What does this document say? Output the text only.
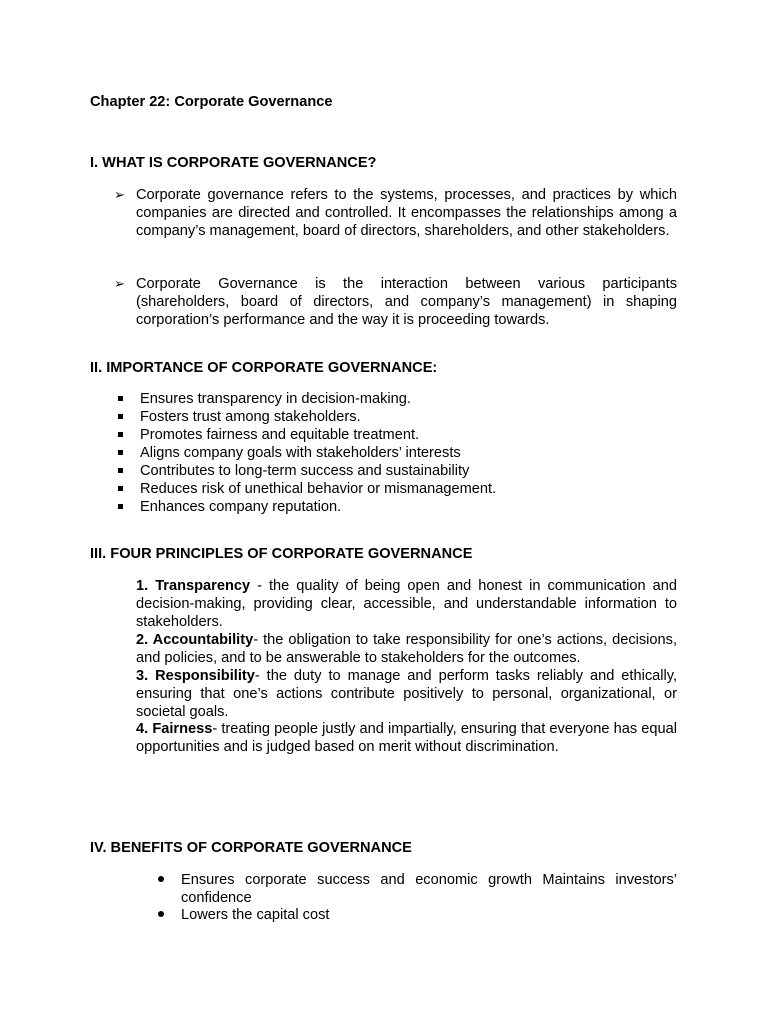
Chapter 22: Corporate Governance
I. WHAT IS CORPORATE GOVERNANCE?
➢ Corporate governance refers to the systems, processes, and practices by which companies are directed and controlled. It encompasses the relationships among a company’s management, board of directors, shareholders, and other stakeholders.
➢ Corporate Governance is the interaction between various participants (shareholders, board of directors, and company’s management) in shaping corporation’s performance and the way it is proceeding towards.
II. IMPORTANCE OF CORPORATE GOVERNANCE:
Ensures transparency in decision-making.
Fosters trust among stakeholders.
Promotes fairness and equitable treatment.
Aligns company goals with stakeholders’ interests
Contributes to long-term success and sustainability
Reduces risk of unethical behavior or mismanagement.
Enhances company reputation.
III. FOUR PRINCIPLES OF CORPORATE GOVERNANCE
1. Transparency - the quality of being open and honest in communication and decision-making, providing clear, accessible, and understandable information to stakeholders.
2. Accountability- the obligation to take responsibility for one’s actions, decisions, and policies, and to be answerable to stakeholders for the outcomes.
3. Responsibility- the duty to manage and perform tasks reliably and ethically, ensuring that one’s actions contribute positively to personal, organizational, or societal goals.
4. Fairness- treating people justly and impartially, ensuring that everyone has equal opportunities and is judged based on merit without discrimination.
IV. BENEFITS OF CORPORATE GOVERNANCE
Ensures corporate success and economic growth Maintains investors’ confidence
Lowers the capital cost
